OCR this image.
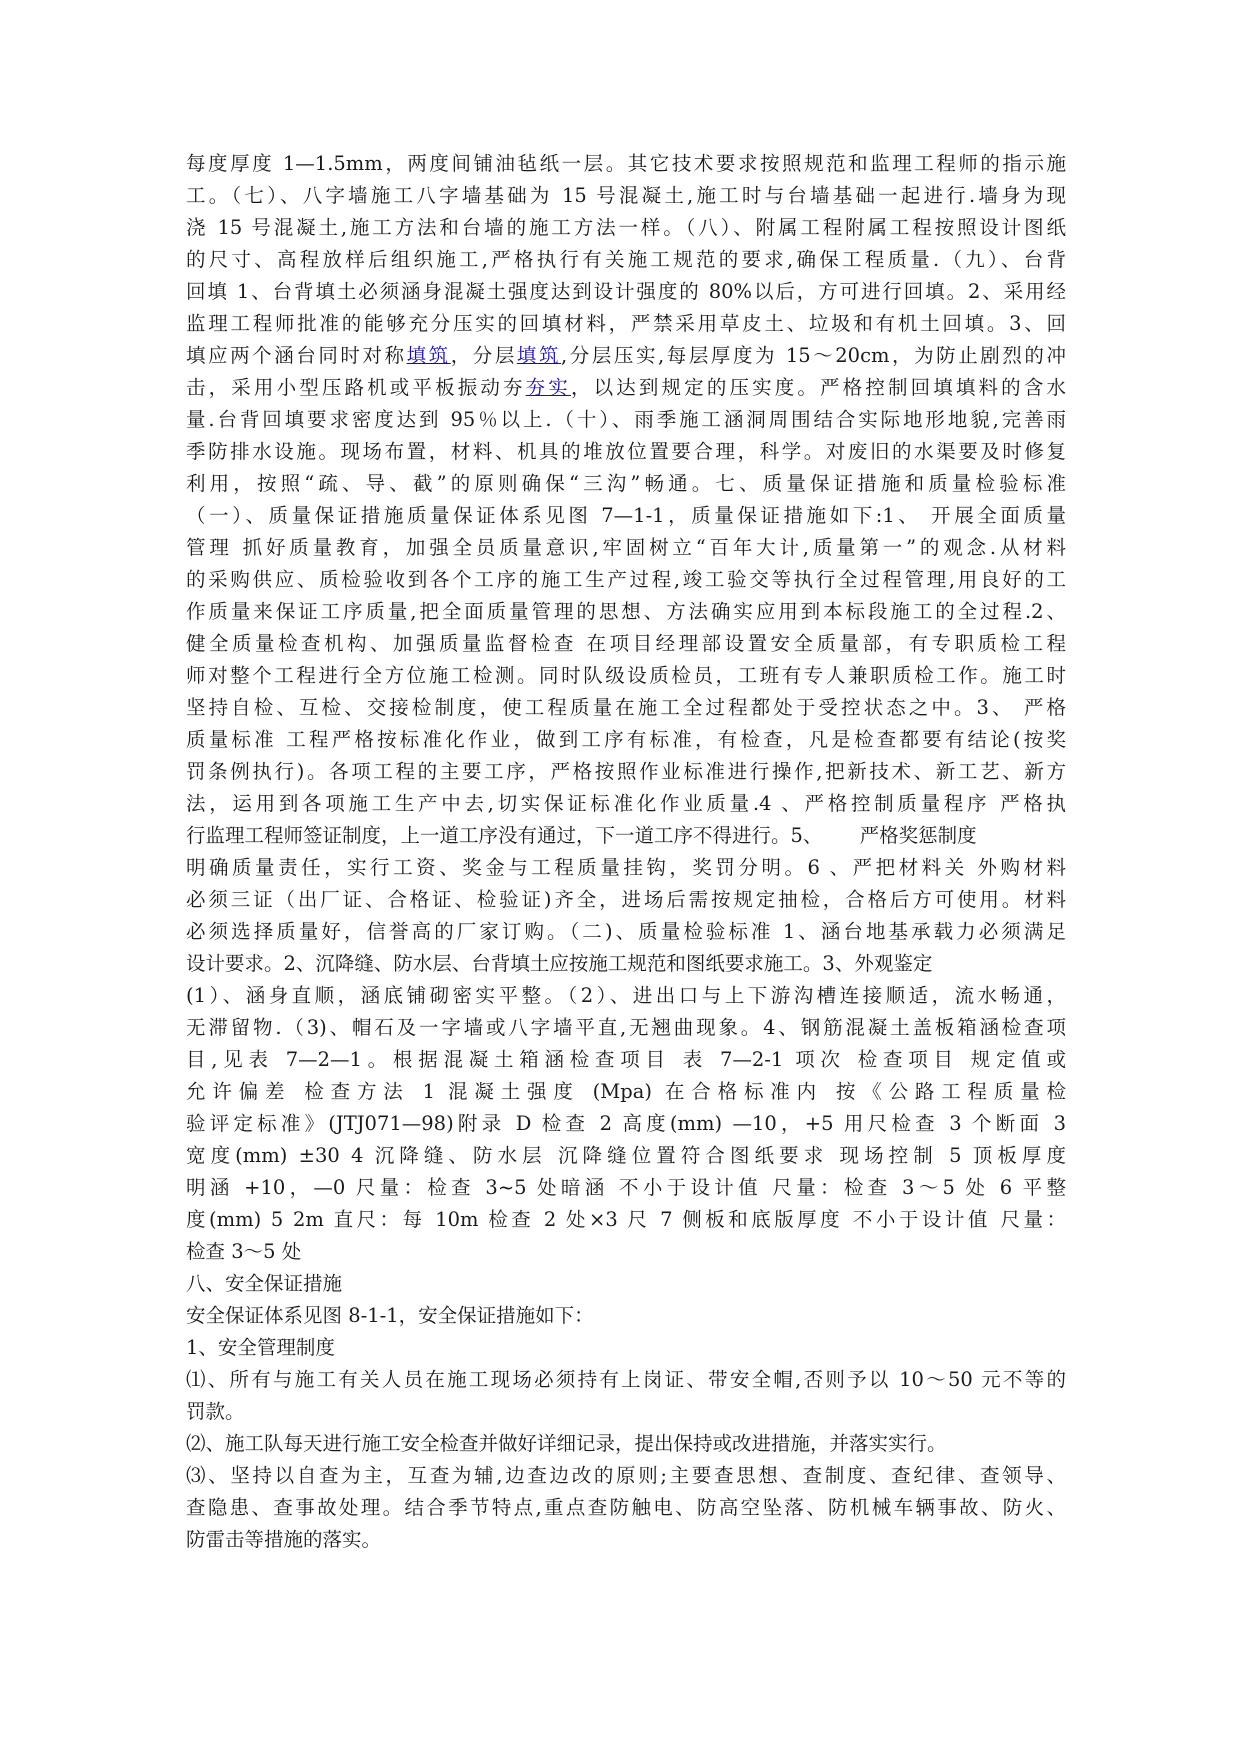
每度厚度 1—1.5mm，两度间铺油毡纸一层。其它技术要求按照规范和监理工程师的指示施
工。（七）、八字墙施工八字墙基础为 15 号混凝土,施工时与台墙基础一起进行.墙身为现
浇 15 号混凝土,施工方法和台墙的施工方法一样。（八）、附属工程附属工程按照设计图纸
的尺寸、高程放样后组织施工,严格执行有关施工规范的要求,确保工程质量.（九）、台背
回填 1、台背填土必须涵身混凝土强度达到设计强度的 80%以后，方可进行回填。2、采用经
监理工程师批准的能够充分压实的回填材料，严禁采用草皮土、垃圾和有机土回填。3、回
填应两个涵台同时对称填筑，分层填筑,分层压实,每层厚度为 15～20cm，为防止剧烈的冲
击，采用小型压路机或平板振动夯夯实，以达到规定的压实度。严格控制回填填料的含水
量.台背回填要求密度达到 95％以上.（十）、雨季施工涵洞周围结合实际地形地貌,完善雨
季防排水设施。现场布置，材料、机具的堆放位置要合理，科学。对废旧的水渠要及时修复
利用，按照“疏、导、截”的原则确保“三沟”畅通。七、质量保证措施和质量检验标准
（一）、质量保证措施质量保证体系见图 7—1-1，质量保证措施如下:1、 开展全面质量
管理 抓好质量教育，加强全员质量意识,牢固树立“百年大计,质量第一”的观念.从材料
的采购供应、质检验收到各个工序的施工生产过程,竣工验交等执行全过程管理,用良好的工
作质量来保证工序质量,把全面质量管理的思想、方法确实应用到本标段施工的全过程.2、
健全质量检查机构、加强质量监督检查 在项目经理部设置安全质量部，有专职质检工程
师对整个工程进行全方位施工检测。同时队级设质检员，工班有专人兼职质检工作。施工时
坚持自检、互检、交接检制度，使工程质量在施工全过程都处于受控状态之中。3、 严格
质量标准 工程严格按标准化作业，做到工序有标准，有检查，凡是检查都要有结论(按奖
罚条例执行)。各项工程的主要工序，严格按照作业标准进行操作,把新技术、新工艺、新方
法，运用到各项施工生产中去,切实保证标准化作业质量.4 、严格控制质量程序 严格执
行监理工程师签证制度，上一道工序没有通过，下一道工序不得进行。5、      严格奖惩制度
明确质量责任，实行工资、奖金与工程质量挂钩，奖罚分明。6 、严把材料关 外购材料
必须三证（出厂证、合格证、检验证)齐全，进场后需按规定抽检，合格后方可使用。材料
必须选择质量好，信誉高的厂家订购。（二)、质量检验标准 1、涵台地基承载力必须满足
设计要求。2、沉降缝、防水层、台背填土应按施工规范和图纸要求施工。3、外观鉴定
(1）、涵身直顺，涵底铺砌密实平整。（2）、进出口与上下游沟槽连接顺适，流水畅通，
无滞留物.（3)、帽石及一字墙或八字墙平直,无翘曲现象。4、钢筋混凝土盖板箱涵检查项
目,见表 7—2—1。根据混凝土箱涵检查项目 表 7—2-1 项次 检查项目 规定值或
允许偏差 检查方法 1 混凝土强度 (Mpa) 在合格标准内 按《公路工程质量检
验评定标准》(JTJ071—98)附录 D 检查 2 高度(mm) —10，+5 用尺检查 3 个断面 3
宽度(mm) ±30 4 沉降缝、防水层 沉降缝位置符合图纸要求 现场控制 5 顶板厚度
明涵 +10，—0 尺量：检查 3~5 处暗涵 不小于设计值 尺量：检查 3～5 处 6 平整
度(mm) 5 2m 直尺：每 10m 检查 2 处×3 尺 7 侧板和底版厚度 不小于设计值 尺量：
检查 3～5 处
八、安全保证措施
安全保证体系见图 8-1-1，安全保证措施如下：
1、安全管理制度
⑴、所有与施工有关人员在施工现场必须持有上岗证、带安全帽,否则予以 10～50 元不等的
罚款。
⑵、施工队每天进行施工安全检查并做好详细记录，提出保持或改进措施，并落实实行。
⑶、坚持以自查为主，互查为辅,边查边改的原则;主要查思想、查制度、查纪律、查领导、
查隐患、查事故处理。结合季节特点,重点查防触电、防高空坠落、防机械车辆事故、防火、
防雷击等措施的落实。
